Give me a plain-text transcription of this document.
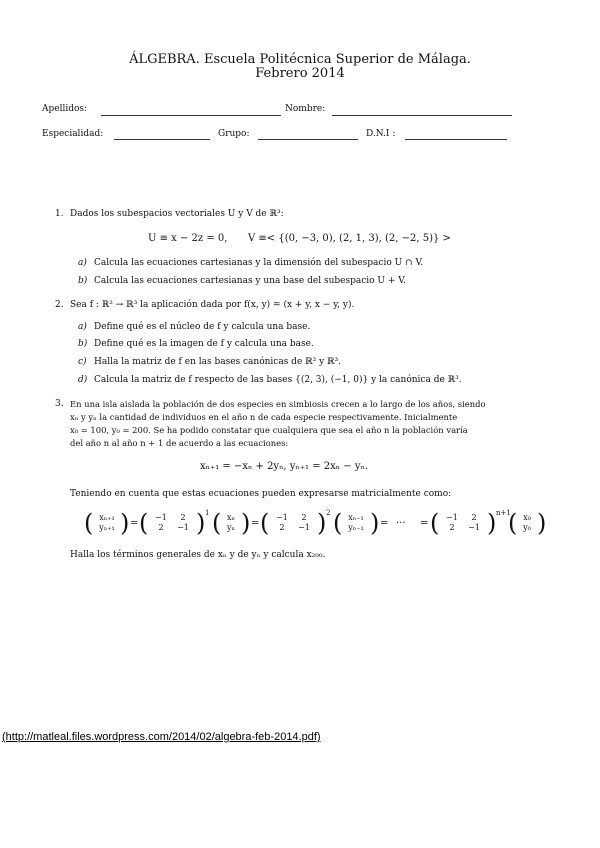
ÁLGEBRA. Escuela Politécnica Superior de Málaga.
Febrero 2014
Apellidos:	Nombre:
Especialidad:	Grupo:	D.N.I :
1. Dados los subespacios vectoriales U y V de ℝ³:
U ≡ x − 2z = 0, V ≡< {(0, −3, 0), (2, 1, 3), (2, −2, 5)} >
a) Calcula las ecuaciones cartesianas y la dimensión del subespacio U ∩ V.
b) Calcula las ecuaciones cartesianas y una base del subespacio U + V.
2. Sea f : ℝ² → ℝ³ la aplicación dada por f(x, y) = (x + y, x − y, y).
a) Define qué es el núcleo de f y calcula una base.
b) Define qué es la imagen de f y calcula una base.
c) Halla la matriz de f en las bases canónicas de ℝ² y ℝ³.
d) Calcula la matriz de f respecto de las bases {(2, 3), (−1, 0)} y la canónica de ℝ³.
3. En una isla aislada la población de dos especies en simbiosis crecen a lo largo de los años, siendo
xₙ y yₙ la cantidad de individuos en el año n de cada especie respectivamente. Inicialmente
x₀ = 100, y₀ = 200. Se ha podido constatar que cualquiera que sea el año n la población varía
del año n al año n + 1 de acuerdo a las ecuaciones:
xₙ₊₁ = −xₙ + 2yₙ, yₙ₊₁ = 2xₙ − yₙ.
Teniendo en cuenta que estas ecuaciones pueden expresarse matricialmente como:
( xₙ₊₁
yₙ₊₁ ) = ( −1 2
2 −1 ) 1 ( xₙ
yₙ ) = ( −1 2
2 −1 ) 2 ( xₙ₋₁
yₙ₋₁ ) = ··· = ( −1 2
2 −1 ) n+1
( x₀
y₀ )
Halla los términos generales de xₙ y de yₙ y calcula x₂₀₀.
(http://matleal.files.wordpress.com/2014/02/algebra-feb-2014.pdf)
